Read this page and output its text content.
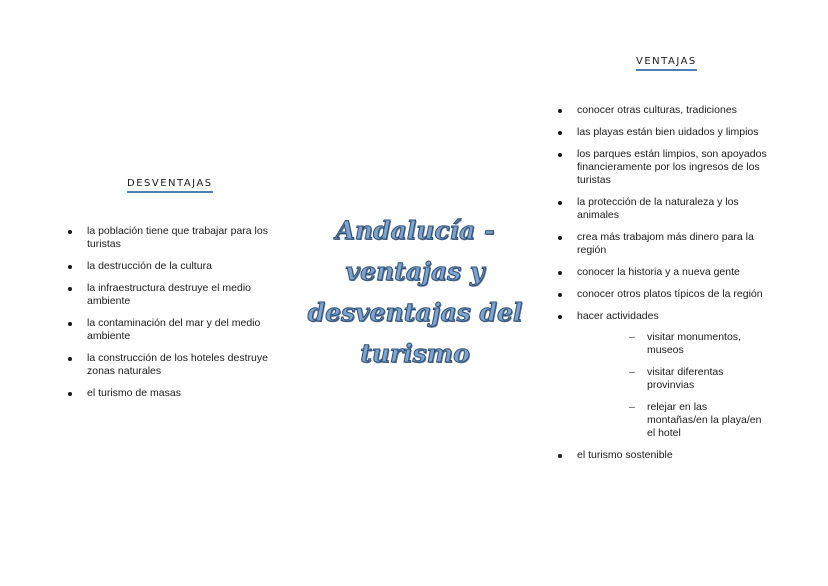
DESVENTAJAS
la población tiene que trabajar para los turistas
la destrucción de la cultura
la infraestructura destruye el medio ambiente
la contaminación del mar y del medio ambiente
la construcción de los hoteles destruye zonas naturales
el turismo de masas
Andalucía -
ventajas y
desventajas del
turismo
VENTAJAS
conocer otras culturas, tradiciones
las playas están bien uidados y limpios
los parques están limpios, son apoyados financieramente por los ingresos de los turistas
la protección de la naturaleza y los animales
crea más trabajom más dinero para la región
conocer la historia y a nueva gente
conocer otros platos típicos de la región
hacer actividades
– visitar monumentos, museos
– visitar diferentas provinvias
– relejar en las montañas/en la playa/en el hotel
el turismo sostenible
